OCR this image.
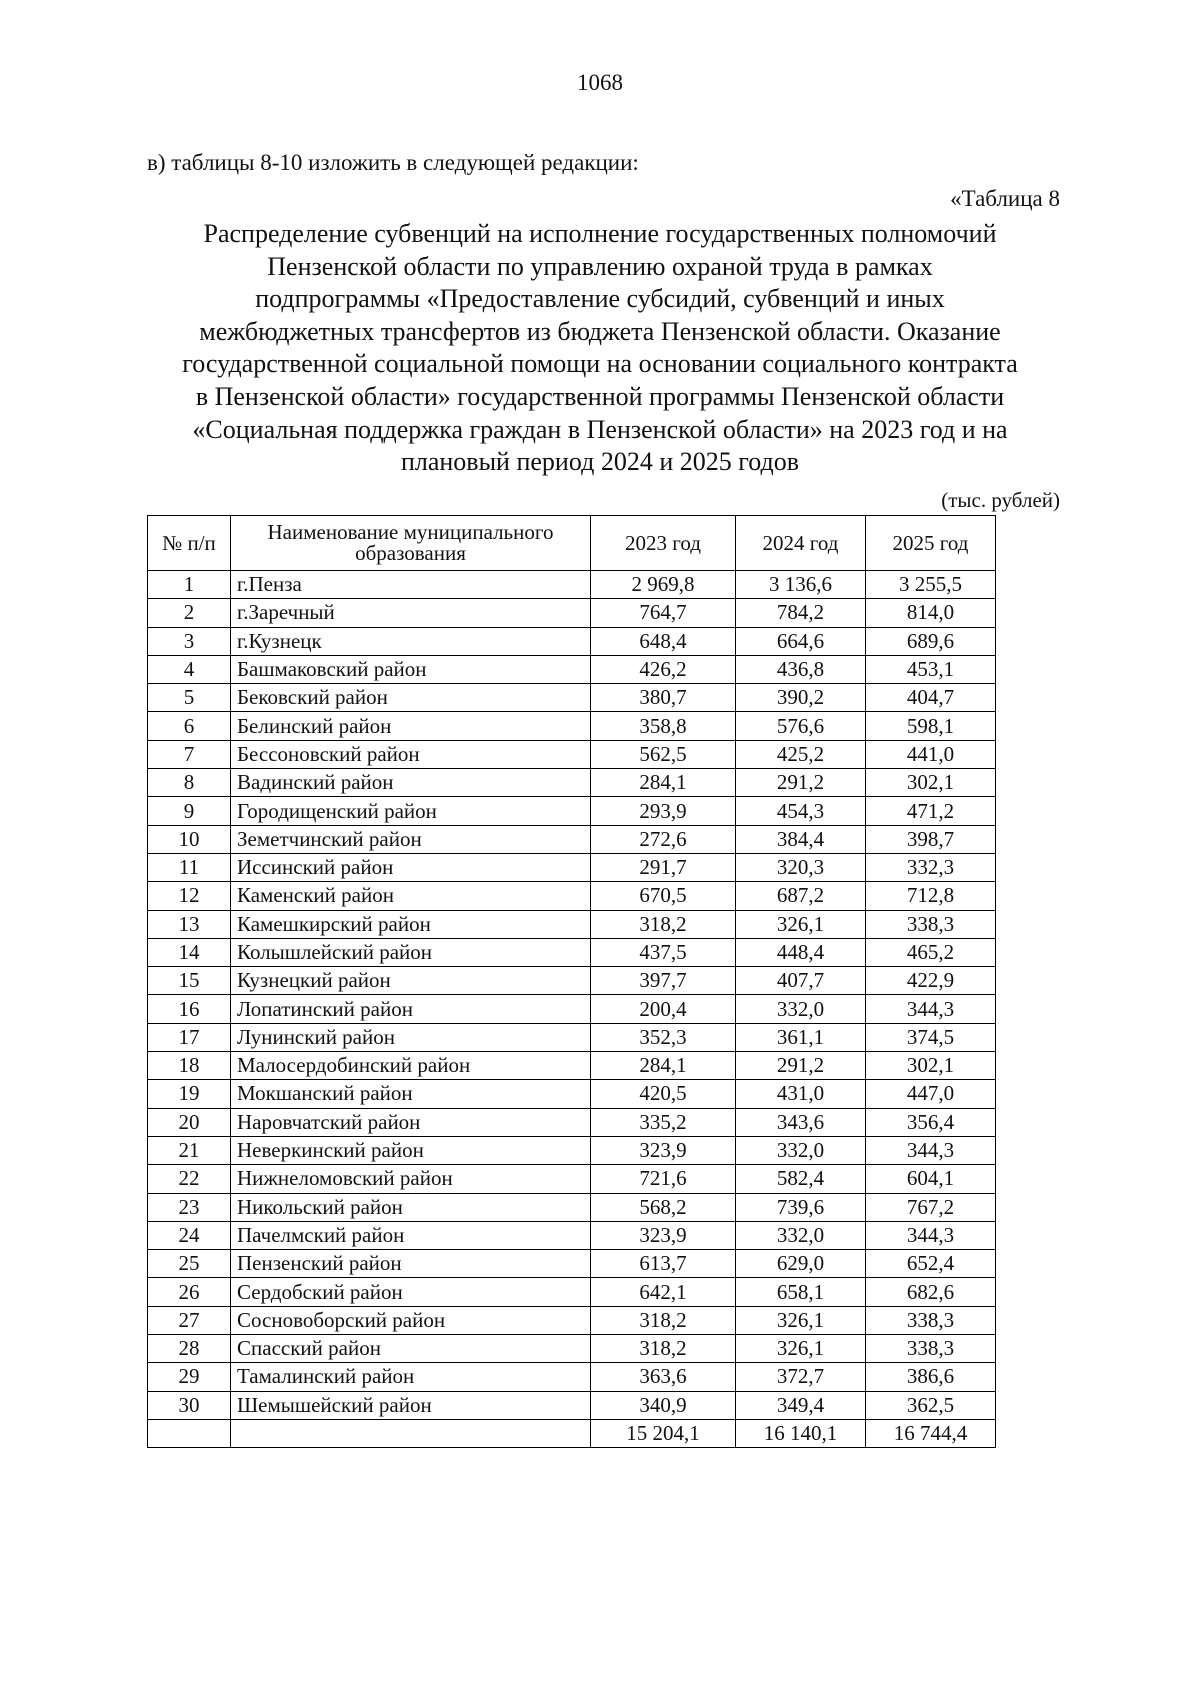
1068
в) таблицы 8-10 изложить в следующей редакции:
«Таблица 8
Распределение субвенций на исполнение государственных полномочий
Пензенской области по управлению охраной труда в рамках
подпрограммы «Предоставление субсидий, субвенций и иных
межбюджетных трансфертов из бюджета Пензенской области. Оказание
государственной социальной помощи на основании социального контракта
в Пензенской области» государственной программы Пензенской области
«Социальная поддержка граждан в Пензенской области» на 2023 год и на
плановый период 2024 и 2025 годов
(тыс. рублей)
№ п/п	Наименование муниципального образования	2023 год	2024 год	2025 год
1	г.Пенза	2 969,8	3 136,6	3 255,5
2	г.Заречный	764,7	784,2	814,0
3	г.Кузнецк	648,4	664,6	689,6
4	Башмаковский район	426,2	436,8	453,1
5	Бековский район	380,7	390,2	404,7
6	Белинский район	358,8	576,6	598,1
7	Бессоновский район	562,5	425,2	441,0
8	Вадинский район	284,1	291,2	302,1
9	Городищенский район	293,9	454,3	471,2
10	Земетчинский район	272,6	384,4	398,7
11	Иссинский район	291,7	320,3	332,3
12	Каменский район	670,5	687,2	712,8
13	Камешкирский район	318,2	326,1	338,3
14	Колышлейский район	437,5	448,4	465,2
15	Кузнецкий район	397,7	407,7	422,9
16	Лопатинский район	200,4	332,0	344,3
17	Лунинский район	352,3	361,1	374,5
18	Малосердобинский район	284,1	291,2	302,1
19	Мокшанский район	420,5	431,0	447,0
20	Наровчатский район	335,2	343,6	356,4
21	Неверкинский район	323,9	332,0	344,3
22	Нижнеломовский район	721,6	582,4	604,1
23	Никольский район	568,2	739,6	767,2
24	Пачелмский район	323,9	332,0	344,3
25	Пензенский район	613,7	629,0	652,4
26	Сердобский район	642,1	658,1	682,6
27	Сосновоборский район	318,2	326,1	338,3
28	Спасский район	318,2	326,1	338,3
29	Тамалинский район	363,6	372,7	386,6
30	Шемышейский район	340,9	349,4	362,5
		15 204,1	16 140,1	16 744,4
